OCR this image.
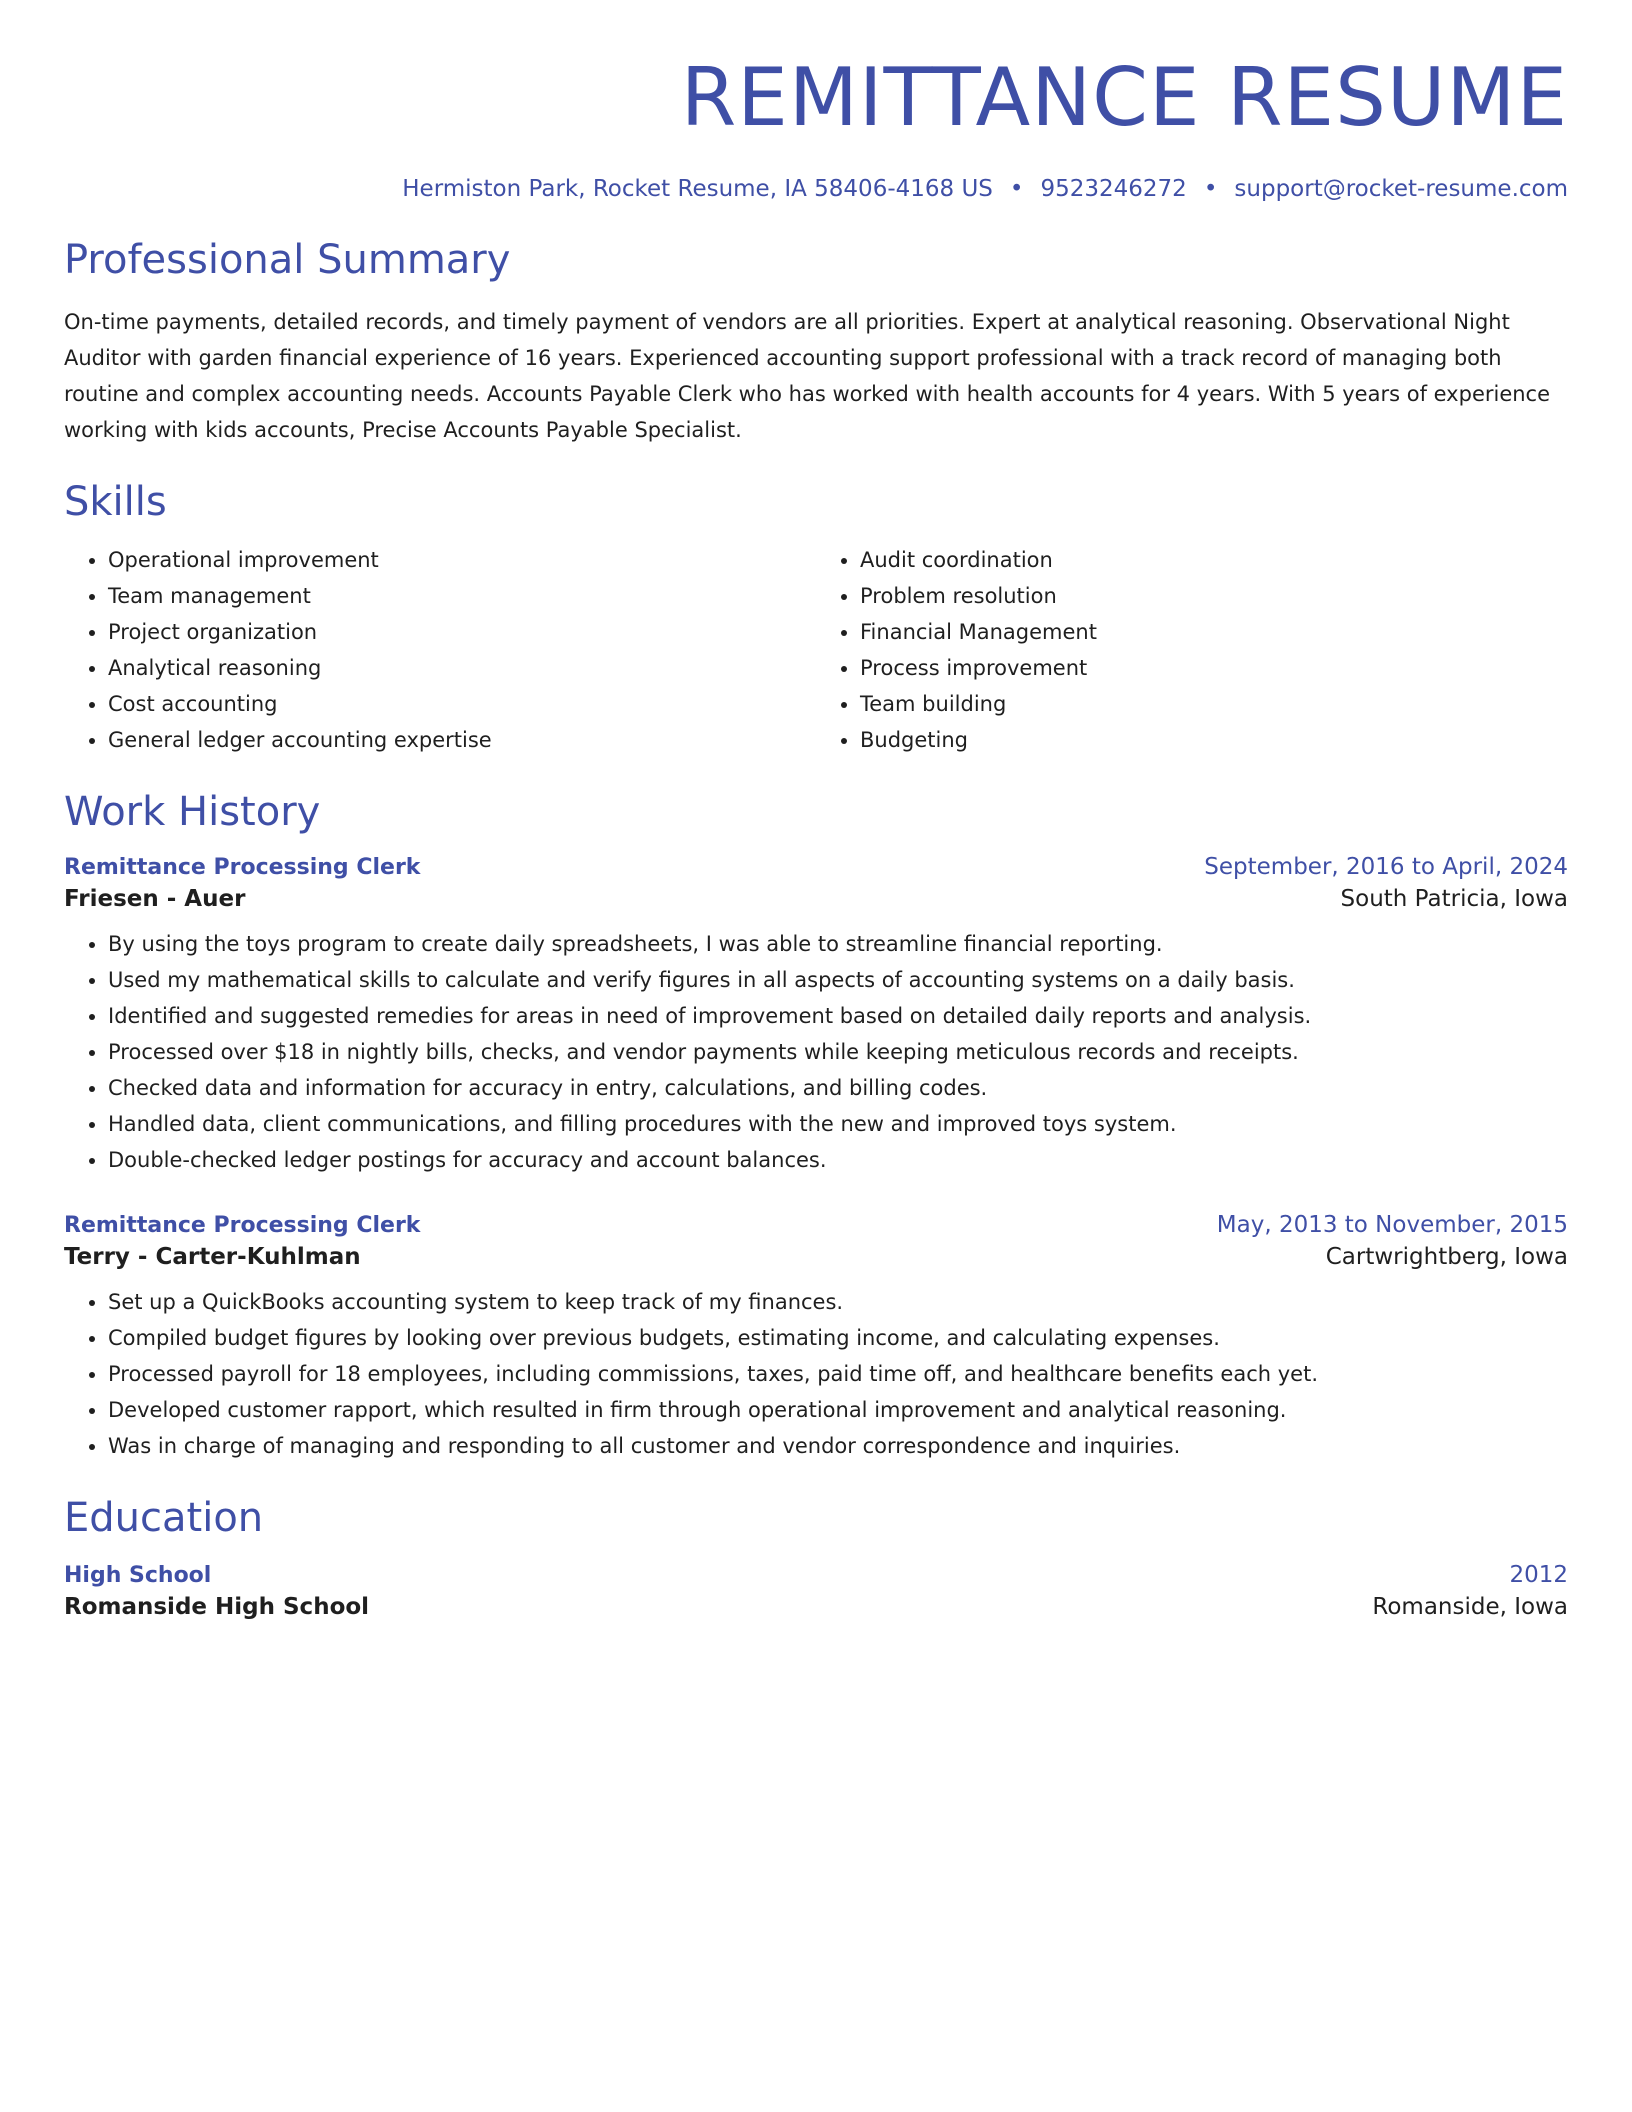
REMITTANCE RESUME
Hermiston Park, Rocket Resume, IA 58406-4168 US • 9523246272 • support@rocket-resume.com
Professional Summary

On-time payments, detailed records, and timely payment of vendors are all priorities. Expert at analytical reasoning. Observational Night Auditor with garden financial experience of 16 years. Experienced accounting support professional with a track record of managing both routine and complex accounting needs. Accounts Payable Clerk who has worked with health accounts for 4 years. With 5 years of experience working with kids accounts, Precise Accounts Payable Specialist.

Skills
• Operational improvement
• Team management
• Project organization
• Analytical reasoning
• Cost accounting
• General ledger accounting expertise
• Audit coordination
• Problem resolution
• Financial Management
• Process improvement
• Team building
• Budgeting
Work History
Remittance Processing Clerk	September, 2016 to April, 2024
Friesen - Auer	South Patricia, Iowa
• By using the toys program to create daily spreadsheets, I was able to streamline financial reporting.
• Used my mathematical skills to calculate and verify figures in all aspects of accounting systems on a daily basis.
• Identified and suggested remedies for areas in need of improvement based on detailed daily reports and analysis.
• Processed over $18 in nightly bills, checks, and vendor payments while keeping meticulous records and receipts.
• Checked data and information for accuracy in entry, calculations, and billing codes.
• Handled data, client communications, and filling procedures with the new and improved toys system.
• Double-checked ledger postings for accuracy and account balances.
Remittance Processing Clerk	May, 2013 to November, 2015
Terry - Carter-Kuhlman	Cartwrightberg, Iowa
• Set up a QuickBooks accounting system to keep track of my finances.
• Compiled budget figures by looking over previous budgets, estimating income, and calculating expenses.
• Processed payroll for 18 employees, including commissions, taxes, paid time off, and healthcare benefits each yet.
• Developed customer rapport, which resulted in firm through operational improvement and analytical reasoning.
• Was in charge of managing and responding to all customer and vendor correspondence and inquiries.
Education
High School	2012
Romanside High School	Romanside, Iowa
